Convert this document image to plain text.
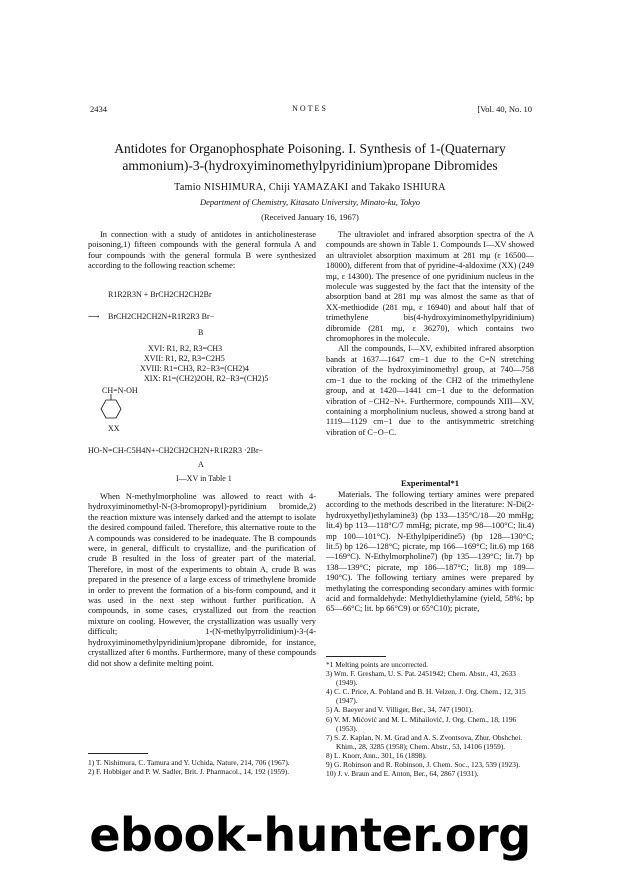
2434	NOTES	[Vol. 40, No. 10
Antidotes for Organophosphate Poisoning. I. Synthesis of 1-(Quaternary ammonium)-3-(hydroxyiminomethylpyridinium)propane Dibromides
Tamio NISHIMURA, Chiji YAMAZAKI and Takako ISHIURA
Department of Chemistry, Kitasato University, Minato-ku, Tokyo
(Received January 16, 1967)

In connection with a study of antidotes in anticholinesterase poisoning,1) fifteen compounds with the general formula A and four compounds with the general formula B were synthesized according to the following reaction scheme:

R1R2R3N + BrCH2CH2CH2Br
⟶ BrCH2CH2CH2N+R1R2R3 Br−
B
XVI: R1, R2, R3=CH3
XVII: R1, R2, R3=C2H5
XVIII: R1=CH3, R2−R3=(CH2)4
XIX: R1=(CH2)2OH, R2−R3=(CH2)5
CH=N-OH
XX
HO-N=CH-C5H4N+-CH2CH2CH2N+R1R2R3 ·2Br−
A
I—XV in Table 1

When N-methylmorpholine was allowed to react with 4-hydroxyiminomethyl-N-(3-bromopropyl)-pyridinium bromide,2) the reaction mixture was intensely darked and the attempt to isolate the desired compound failed. Therefore, this alternative route to the A compounds was considered to be inadequate. The B compounds were, in general, difficult to crystallize, and the purification of crude B resulted in the loss of greater part of the material. Therefore, in most of the experiments to obtain A, crude B was prepared in the presence of a large excess of trimethylene bromide in order to prevent the formation of a bis-form compound, and it was used in the next step without further purification. A compounds, in some cases, crystallized out from the reaction mixture on cooling. However, the crystallization was usually very difficult; 1-(N-methylpyrrolidinium)-3-(4-hydroxyiminomethylpyridinium)propane dibromide, for instance, crystallized after 6 months. Furthermore, many of these compounds did not show a definite melting point.

1) T. Nishimura, C. Tamura and Y. Uchida, Nature, 214, 706 (1967).
2) F. Hobbiger and P. W. Sadler, Brit. J. Pharmacol., 14, 192 (1959).

The ultraviolet and infrared absorption spectra of the A compounds are shown in Table 1. Compounds I—XV showed an ultraviolet absorption maximum at 281 mμ (ε 16500—18000), different from that of pyridine-4-aldoxime (XX) (249 mμ, ε 14300). The presence of one pyridinium nucleus in the molecule was suggested by the fact that the intensity of the absorption band at 281 mμ was almost the same as that of XX-methiodide (281 mμ, ε 16940) and about half that of trimethylene bis(4-hydroxyiminomethylpyridinium) dibromide (281 mμ, ε 36270), which contains two chromophores in the molecule.

All the compounds, I—XV, exhibited infrared absorption bands at 1637—1647 cm−1 due to the C=N stretching vibration of the hydroxyiminomethyl group, at 740—758 cm−1 due to the rocking of the CH2 of the trimethylene group, and at 1420—1441 cm−1 due to the deformation vibration of −CH2−N+. Furthermore, compounds XIII—XV, containing a morpholinium nucleus, showed a strong band at 1119—1129 cm−1 due to the antisymmetric stretching vibration of C−O−C.

Experimental*1

Materials. The following tertiary amines were prepared according to the methods described in the literature: N-Di(2-hydroxyethyl)ethylamine3) (bp 133—135°C/18—20 mmHg; lit.4) bp 113—118°C/7 mmHg; picrate, mp 98—100°C; lit.4) mp 100—101°C). N-Ethylpiperidine5) (bp 128—130°C; lit.5) bp 126—128°C; picrate, mp 166—169°C; lit.6) mp 168—169°C). N-Ethylmorpholine7) (bp 135—139°C; lit.7) bp 138—139°C; picrate, mp 186—187°C; lit.8) mp 189—190°C). The following tertiary amines were prepared by methylating the corresponding secondary amines with formic acid and formaldehyde: Methyldiethylamine (yield, 58%; bp 65—66°C; lit. bp 66°C9) or 65°C10); picrate,

*1 Melting points are uncorrected.
3) Wm. F. Gresham, U. S. Pat. 2451942; Chem. Abstr., 43, 2633 (1949).
4) C. C. Price, A. Pohland and B. H. Velzen, J. Org. Chem., 12, 315 (1947).
5) A. Baeyer and V. Villiger, Ber., 34, 747 (1901).
6) V. M. Mićović and M. L. Mihailović, J. Org. Chem., 18, 1196 (1953).
7) S. Z. Kaplan, N. M. Grad and A. S. Zvontsova, Zhur. Obshchei. Khim., 28, 3285 (1958); Chem. Abstr., 53, 14106 (1959).
8) L. Knorr, Ann., 301, 16 (1898).
9) G. Robinson and R. Robinson, J. Chem. Soc., 123, 539 (1923).
10) J. v. Braun and E. Anton, Ber., 64, 2867 (1931).
ebook-hunter.org
